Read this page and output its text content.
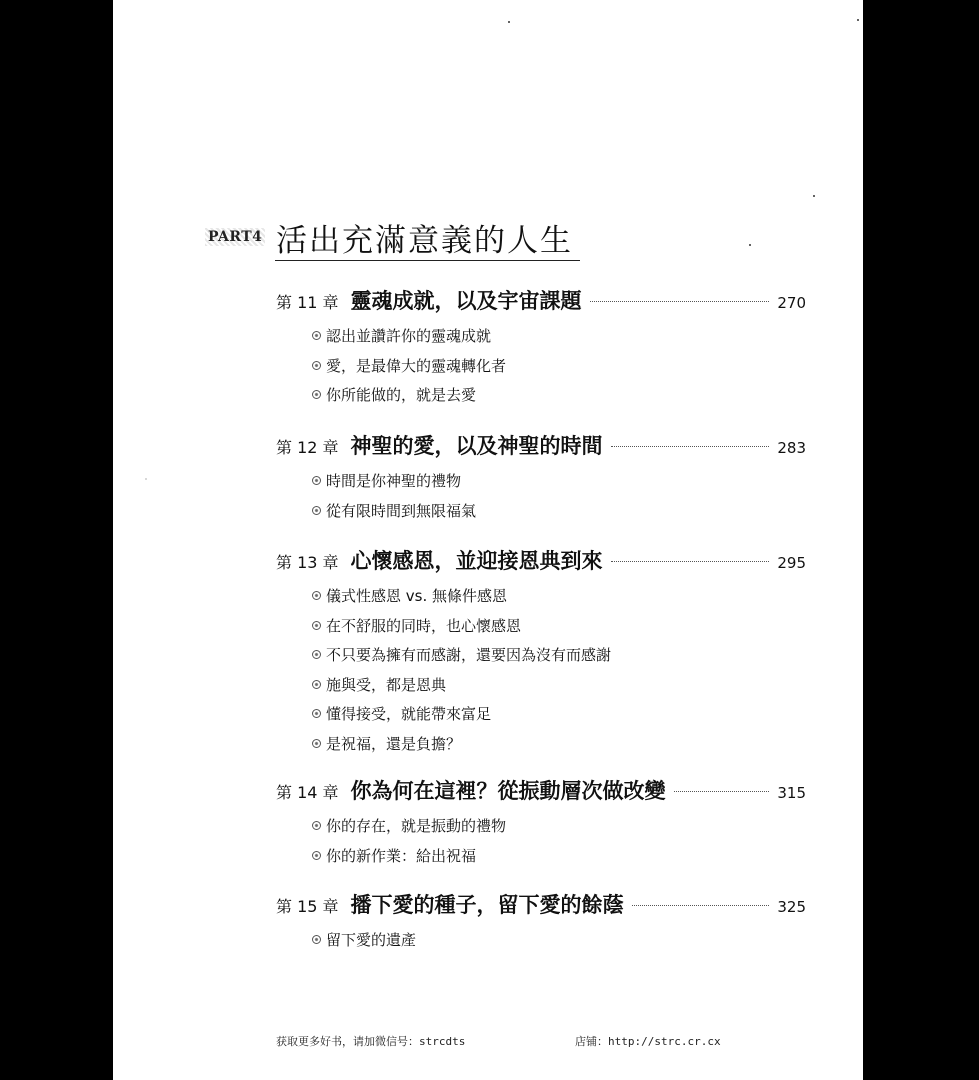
PART4 活出充滿意義的人生
第 11 章 靈魂成就，以及宇宙課題	270
認出並讚許你的靈魂成就
愛，是最偉大的靈魂轉化者
你所能做的，就是去愛
第 12 章 神聖的愛，以及神聖的時間	283
時間是你神聖的禮物
從有限時間到無限福氣
第 13 章 心懷感恩，並迎接恩典到來	295
儀式性感恩 vs. 無條件感恩
在不舒服的同時，也心懷感恩
不只要為擁有而感謝，還要因為沒有而感謝
施與受，都是恩典
懂得接受，就能帶來富足
是祝福，還是負擔？
第 14 章 你為何在這裡？從振動層次做改變	315
你的存在，就是振動的禮物
你的新作業：給出祝福
第 15 章 播下愛的種子，留下愛的餘蔭	325
留下愛的遺產
获取更多好书，请加微信号：strcdts	店铺：http://strc.cr.cx
